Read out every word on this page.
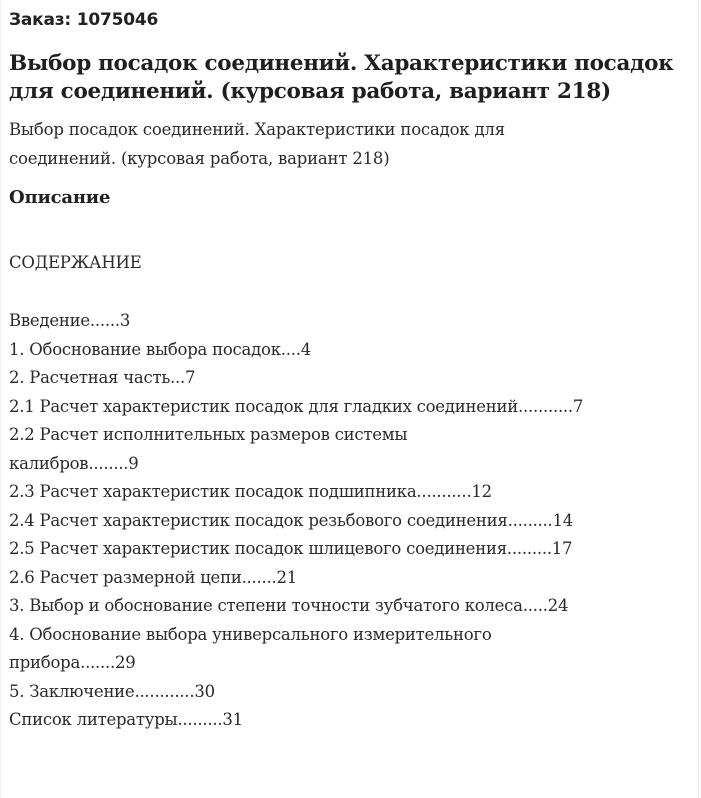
Заказ: 1075046
Выбор посадок соединений. Характеристики посадок
для соединений. (курсовая работа, вариант 218)
Выбор посадок соединений. Характеристики посадок для
соединений. (курсовая работа, вариант 218)
Описание
СОДЕРЖАНИЕ
Введение......3
1. Обоснование выбора посадок....4
2. Расчетная часть...7
2.1 Расчет характеристик посадок для гладких соединений...........7
2.2 Расчет исполнительных размеров системы
калибров........9
2.3 Расчет характеристик посадок подшипника...........12
2.4 Расчет характеристик посадок резьбового соединения.........14
2.5 Расчет характеристик посадок шлицевого соединения.........17
2.6 Расчет размерной цепи.......21
3. Выбор и обоснование степени точности зубчатого колеса.....24
4. Обоснование выбора универсального измерительного
прибора.......29
5. Заключение............30
Список литературы.........31
